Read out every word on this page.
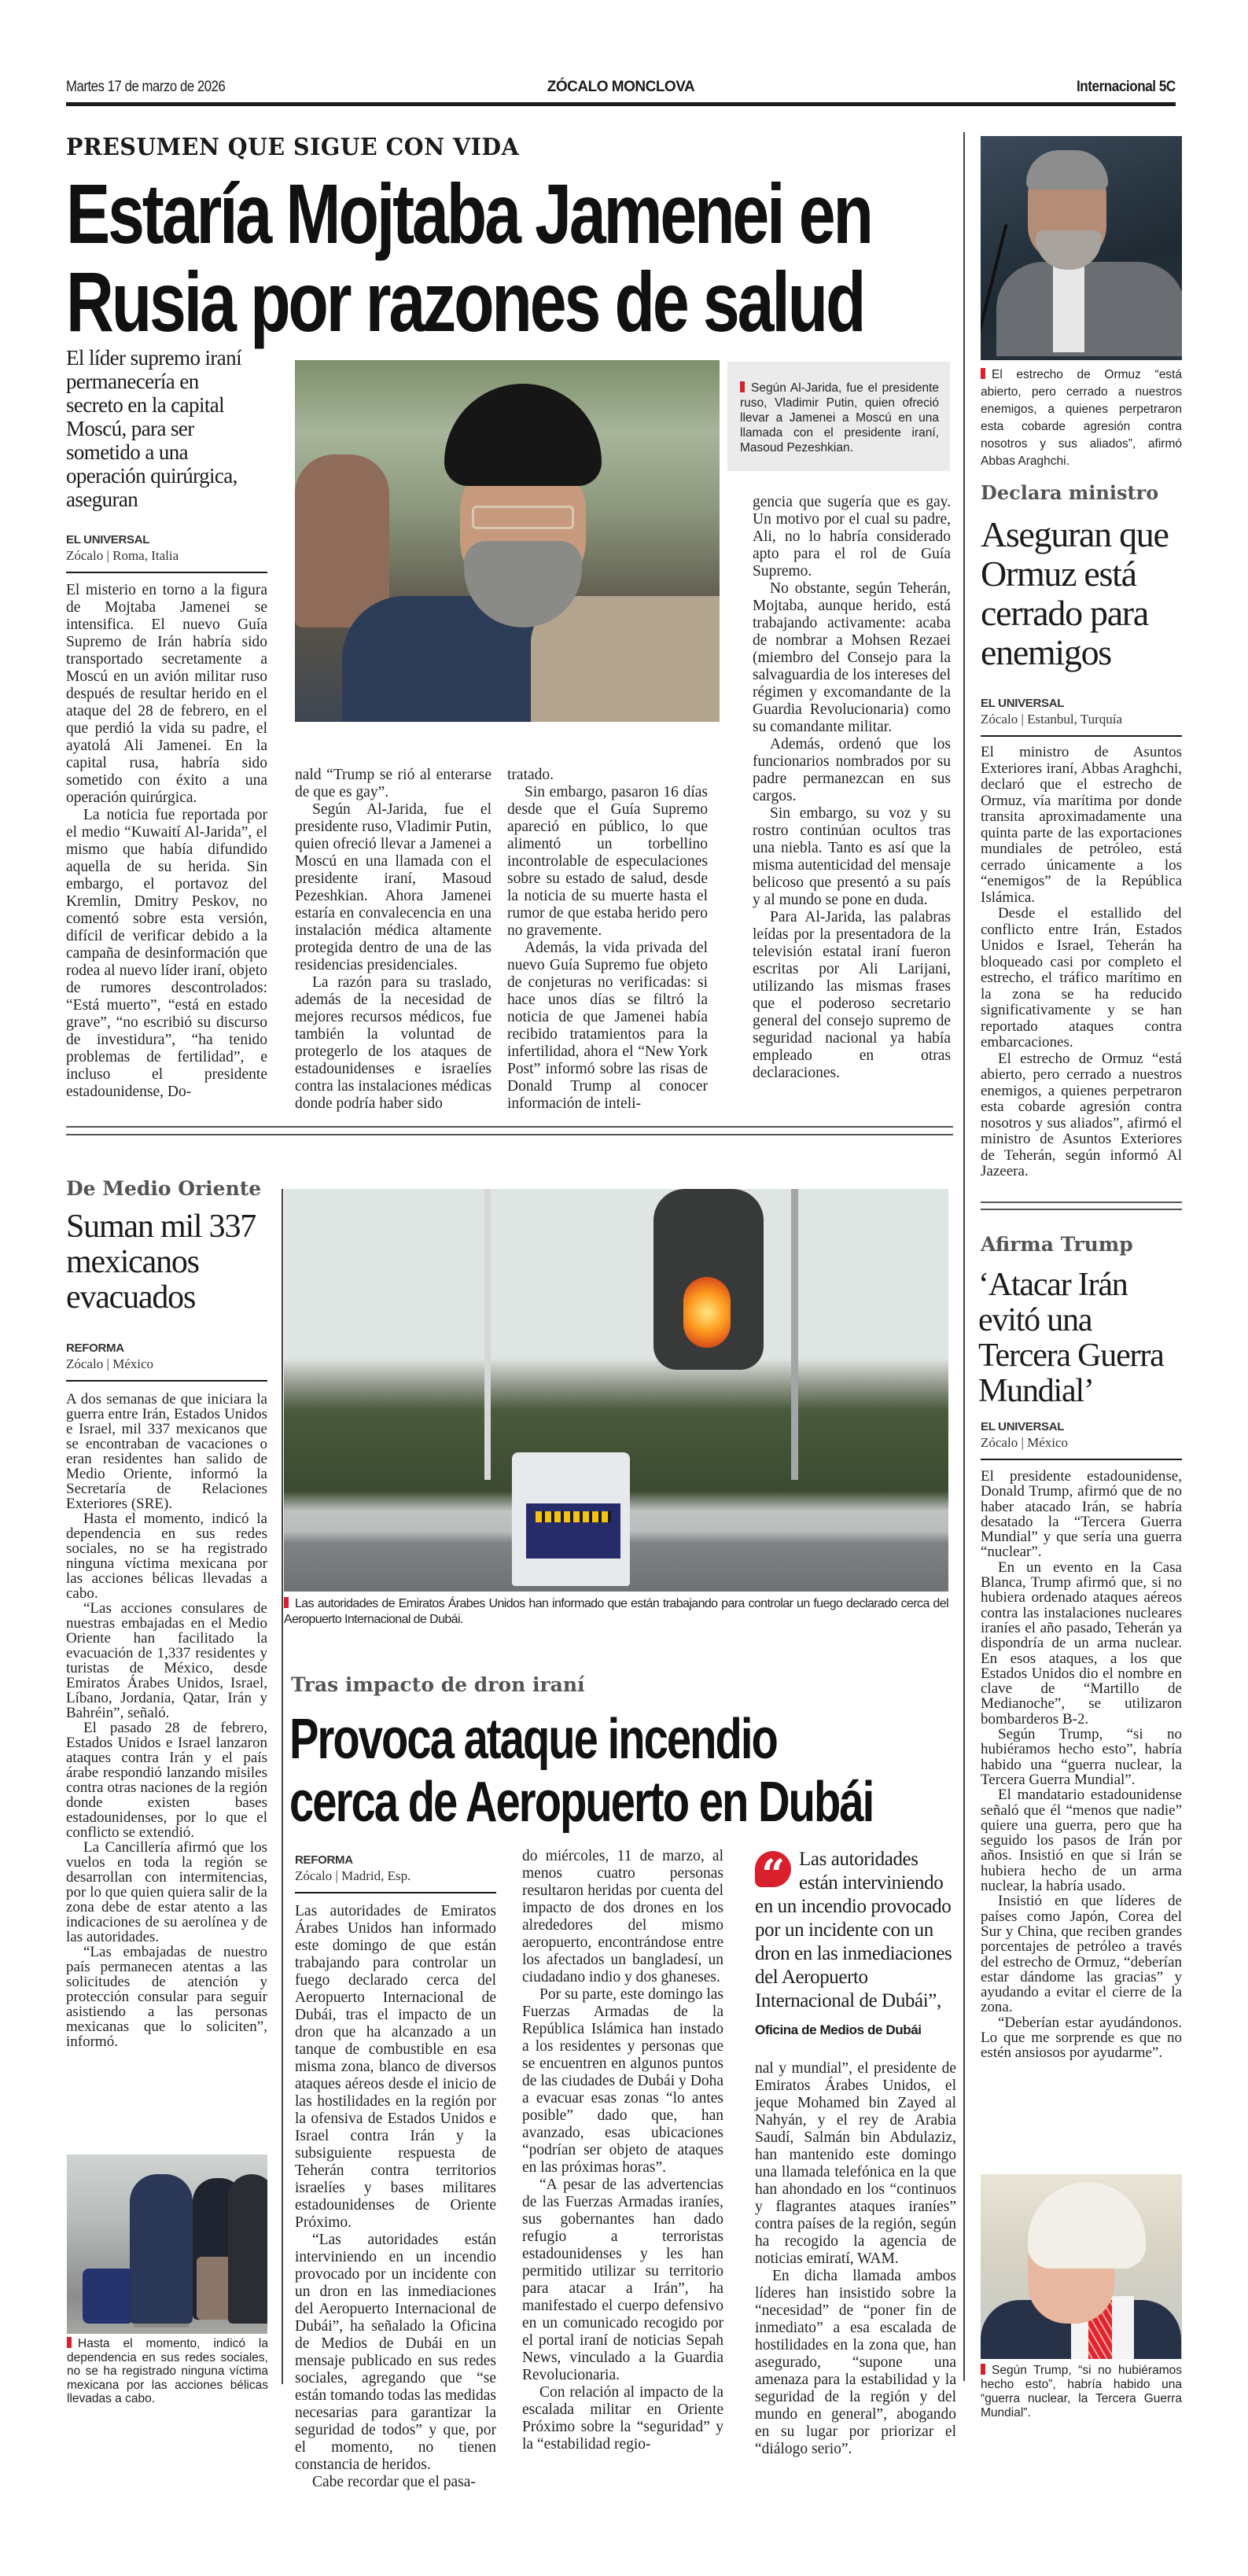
Martes 17 de marzo de 2026	ZÓCALO MONCLOVA	Internacional 5C
PRESUMEN QUE SIGUE CON VIDA
Estaría Mojtaba Jamenei en
Rusia por razones de salud
El líder supremo iraní permanecería en secreto en la capital Moscú, para ser sometido a una operación quirúrgica, aseguran
EL UNIVERSAL
Zócalo | Roma, Italia
Según Al-Jarida, fue el presidente ruso, Vladimir Putin, quien ofreció llevar a Jamenei a Moscú en una llamada con el presidente iraní, Masoud Pezeshkian.

El misterio en torno a la figura de Mojtaba Jamenei se intensifica. El nuevo Guía Supremo de Irán habría sido transportado secretamente a Moscú en un avión militar ruso después de resultar herido en el ataque del 28 de febrero, en el que perdió la vida su padre, el ayatolá Ali Jamenei. En la capital rusa, habría sido sometido con éxito a una operación quirúrgica.

La noticia fue reportada por el medio “Kuwaití Al-Jarida”, el mismo que había difundido aquella de su herida. Sin embargo, el portavoz del Kremlin, Dmitry Peskov, no comentó sobre esta versión, difícil de verificar debido a la campaña de desinformación que rodea al nuevo líder iraní, objeto de rumores descontrolados: “Está muerto”, “está en estado grave”, “no escribió su discurso de investidura”, “ha tenido problemas de fertilidad”, e incluso el presidente estadounidense, Do-

nald “Trump se rió al enterarse de que es gay”.

Según Al-Jarida, fue el presidente ruso, Vladimir Putin, quien ofreció llevar a Jamenei a Moscú en una llamada con el presidente iraní, Masoud Pezeshkian. Ahora Jamenei estaría en convalecencia en una instalación médica altamente protegida dentro de una de las residencias presidenciales.

La razón para su traslado, además de la necesidad de mejores recursos médicos, fue también la voluntad de protegerlo de los ataques de estadounidenses e israelíes contra las instalaciones médicas donde podría haber sido

tratado.

Sin embargo, pasaron 16 días desde que el Guía Supremo apareció en público, lo que alimentó un torbellino incontrolable de especulaciones sobre su estado de salud, desde la noticia de su muerte hasta el rumor de que estaba herido pero no gravemente.

Además, la vida privada del nuevo Guía Supremo fue objeto de conjeturas no verificadas: si hace unos días se filtró la noticia de que Jamenei había recibido tratamientos para la infertilidad, ahora el “New York Post” informó sobre las risas de Donald Trump al conocer información de inteli-

gencia que sugería que es gay. Un motivo por el cual su padre, Ali, no lo habría considerado apto para el rol de Guía Supremo.

No obstante, según Teherán, Mojtaba, aunque herido, está trabajando activamente: acaba de nombrar a Mohsen Rezaei (miembro del Consejo para la salvaguardia de los intereses del régimen y excomandante de la Guardia Revolucionaria) como su comandante militar.

Además, ordenó que los funcionarios nombrados por su padre permanezcan en sus cargos.

Sin embargo, su voz y su rostro continúan ocultos tras una niebla. Tanto es así que la misma autenticidad del mensaje belicoso que presentó a su país y al mundo se pone en duda.

Para Al-Jarida, las palabras leídas por la presentadora de la televisión estatal iraní fueron escritas por Ali Larijani, utilizando las mismas frases que el poderoso secretario general del consejo supremo de seguridad nacional ya había empleado en otras declaraciones.

El estrecho de Ormuz “está abierto, pero cerrado a nuestros enemigos, a quienes perpetraron esta cobarde agresión contra nosotros y sus aliados”, afirmó Abbas Araghchi.
Declara ministro
Aseguran que Ormuz está cerrado para enemigos
EL UNIVERSAL
Zócalo | Estanbul, Turquía

El ministro de Asuntos Exteriores iraní, Abbas Araghchi, declaró que el estrecho de Ormuz, vía marítima por donde transita aproximadamente una quinta parte de las exportaciones mundiales de petróleo, está cerrado únicamente a los “enemigos” de la República Islámica.

Desde el estallido del conflicto entre Irán, Estados Unidos e Israel, Teherán ha bloqueado casi por completo el estrecho, el tráfico marítimo en la zona se ha reducido significativamente y se han reportado ataques contra embarcaciones.

El estrecho de Ormuz “está abierto, pero cerrado a nuestros enemigos, a quienes perpetraron esta cobarde agresión contra nosotros y sus aliados”, afirmó el ministro de Asuntos Exteriores de Teherán, según informó Al Jazeera.

De Medio Oriente
Suman mil 337 mexicanos evacuados
REFORMA
Zócalo | México

A dos semanas de que iniciara la guerra entre Irán, Estados Unidos e Israel, mil 337 mexicanos que se encontraban de vacaciones o eran residentes han salido de Medio Oriente, informó la Secretaría de Relaciones Exteriores (SRE).

Hasta el momento, indicó la dependencia en sus redes sociales, no se ha registrado ninguna víctima mexicana por las acciones bélicas llevadas a cabo.

“Las acciones consulares de nuestras embajadas en el Medio Oriente han facilitado la evacuación de 1,337 residentes y turistas de México, desde Emiratos Árabes Unidos, Israel, Líbano, Jordania, Qatar, Irán y Bahréin”, señaló.

El pasado 28 de febrero, Estados Unidos e Israel lanzaron ataques contra Irán y el país árabe respondió lanzando misiles contra otras naciones de la región donde existen bases estadounidenses, por lo que el conflicto se extendió.

La Cancillería afirmó que los vuelos en toda la región se desarrollan con intermitencias, por lo que quien quiera salir de la zona debe de estar atento a las indicaciones de su aerolínea y de las autoridades.

“Las embajadas de nuestro país permanecen atentas a las solicitudes de atención y protección consular para seguir asistiendo a las personas mexicanas que lo soliciten”, informó.

Hasta el momento, indicó la dependencia en sus redes sociales, no se ha registrado ninguna víctima mexicana por las acciones bélicas llevadas a cabo.
Las autoridades de Emiratos Árabes Unidos han informado que están trabajando para controlar un fuego declarado cerca del Aeropuerto Internacional de Dubái.
Tras impacto de dron iraní
Provoca ataque incendio
cerca de Aeropuerto en Dubái
REFORMA
Zócalo | Madrid, Esp.

Las autoridades de Emiratos Árabes Unidos han informado este domingo de que están trabajando para controlar un fuego declarado cerca del Aeropuerto Internacional de Dubái, tras el impacto de un dron que ha alcanzado a un tanque de combustible en esa misma zona, blanco de diversos ataques aéreos desde el inicio de las hostilidades en la región por la ofensiva de Estados Unidos e Israel contra Irán y la subsiguiente respuesta de Teherán contra territorios israelíes y bases militares estadounidenses de Oriente Próximo.

“Las autoridades están interviniendo en un incendio provocado por un incidente con un dron en las inmediaciones del Aeropuerto Internacional de Dubái”, ha señalado la Oficina de Medios de Dubái en un mensaje publicado en sus redes sociales, agregando que “se están tomando todas las medidas necesarias para garantizar la seguridad de todos” y que, por el momento, no tienen constancia de heridos.

Cabe recordar que el pasa-

do miércoles, 11 de marzo, al menos cuatro personas resultaron heridas por cuenta del impacto de dos drones en los alrededores del mismo aeropuerto, encontrándose entre los afectados un bangladesí, un ciudadano indio y dos ghaneses.

Por su parte, este domingo las Fuerzas Armadas de la República Islámica han instado a los residentes y personas que se encuentren en algunos puntos de las ciudades de Dubái y Doha a evacuar esas zonas “lo antes posible” dado que, han avanzado, esas ubicaciones “podrían ser objeto de ataques en las próximas horas”.

“A pesar de las advertencias de las Fuerzas Armadas iraníes, sus gobernantes han dado refugio a terroristas estadounidenses y les han permitido utilizar su territorio para atacar a Irán”, ha manifestado el cuerpo defensivo en un comunicado recogido por el portal iraní de noticias Sepah News, vinculado a la Guardia Revolucionaria.

Con relación al impacto de la escalada militar en Oriente Próximo sobre la “seguridad” y la “estabilidad regio-

“ Las autoridades están interviniendo en un incendio provocado por un incidente con un dron en las inmediaciones del Aeropuerto Internacional de Dubái”,
Oficina de Medios de Dubái

nal y mundial”, el presidente de Emiratos Árabes Unidos, el jeque Mohamed bin Zayed al Nahyán, y el rey de Arabia Saudí, Salmán bin Abdulaziz, han mantenido este domingo una llamada telefónica en la que han ahondado en los “continuos y flagrantes ataques iraníes” contra países de la región, según ha recogido la agencia de noticias emiratí, WAM.

En dicha llamada ambos líderes han insistido sobre la “necesidad” de “poner fin de inmediato” a esa escalada de hostilidades en la zona que, han asegurado, “supone una amenaza para la estabilidad y la seguridad de la región y del mundo en general”, abogando en su lugar por priorizar el “diálogo serio”.

Afirma Trump
‘Atacar Irán evitó una Tercera Guerra Mundial’
EL UNIVERSAL
Zócalo | México

El presidente estadounidense, Donald Trump, afirmó que de no haber atacado Irán, se habría desatado la “Tercera Guerra Mundial” y que sería una guerra “nuclear”.

En un evento en la Casa Blanca, Trump afirmó que, si no hubiera ordenado ataques aéreos contra las instalaciones nucleares iraníes el año pasado, Teherán ya dispondría de un arma nuclear. En esos ataques, a los que Estados Unidos dio el nombre en clave de “Martillo de Medianoche”, se utilizaron bombarderos B-2.

Según Trump, “si no hubiéramos hecho esto”, habría habido una “guerra nuclear, la Tercera Guerra Mundial”.

El mandatario estadounidense señaló que él “menos que nadie” quiere una guerra, pero que ha seguido los pasos de Irán por años. Insistió en que si Irán se hubiera hecho de un arma nuclear, la habría usado.

Insistió en que líderes de países como Japón, Corea del Sur y China, que reciben grandes porcentajes de petróleo a través del estrecho de Ormuz, “deberían estar dándome las gracias” y ayudando a evitar el cierre de la zona.

“Deberían estar ayudándonos. Lo que me sorprende es que no estén ansiosos por ayudarme”.

Según Trump, “si no hubiéramos hecho esto”, habría habido una “guerra nuclear, la Tercera Guerra Mundial”.
